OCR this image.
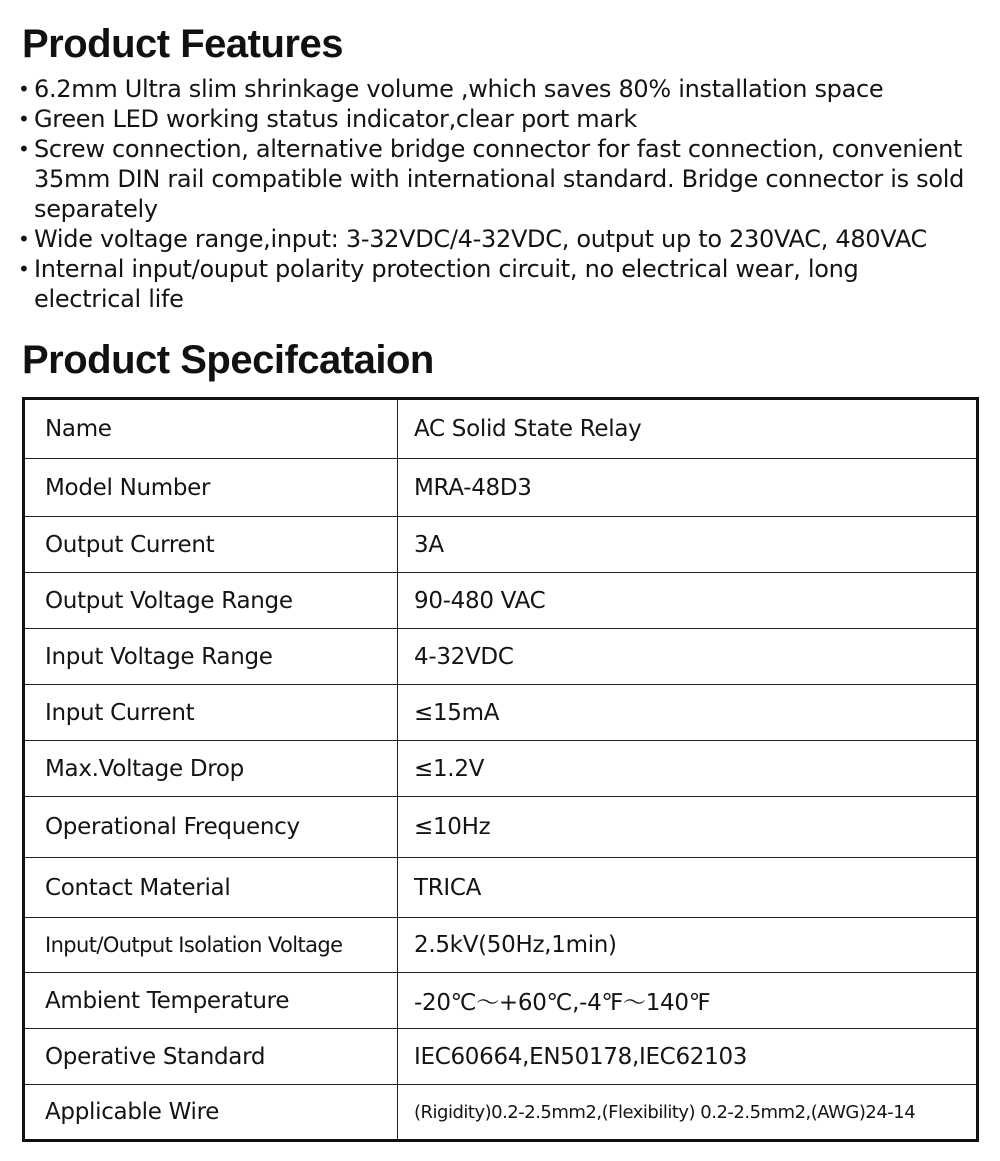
Product Features
• 6.2mm Ultra slim shrinkage volume ,which saves 80% installation space
• Green LED working status indicator,clear port mark
• Screw connection, alternative bridge connector for fast connection, convenient
35mm DIN rail compatible with international standard. Bridge connector is sold
separately
• Wide voltage range,input: 3-32VDC/4-32VDC, output up to 230VAC, 480VAC
• Internal input/ouput polarity protection circuit, no electrical wear, long
electrical life
Product Specifcataion
Name	AC Solid State Relay
Model Number	MRA-48D3
Output Current	3A
Output Voltage Range	90-480 VAC
Input Voltage Range	4-32VDC
Input Current	≤15mA
Max.Voltage Drop	≤1.2V
Operational Frequency	≤10Hz
Contact Material	TRICA
Input/Output Isolation Voltage	2.5kV(50Hz,1min)
Ambient Temperature	-20℃～+60℃,-4℉～140℉
Operative Standard	IEC60664,EN50178,IEC62103
Applicable Wire	(Rigidity)0.2-2.5mm2,(Flexibility) 0.2-2.5mm2,(AWG)24-14
